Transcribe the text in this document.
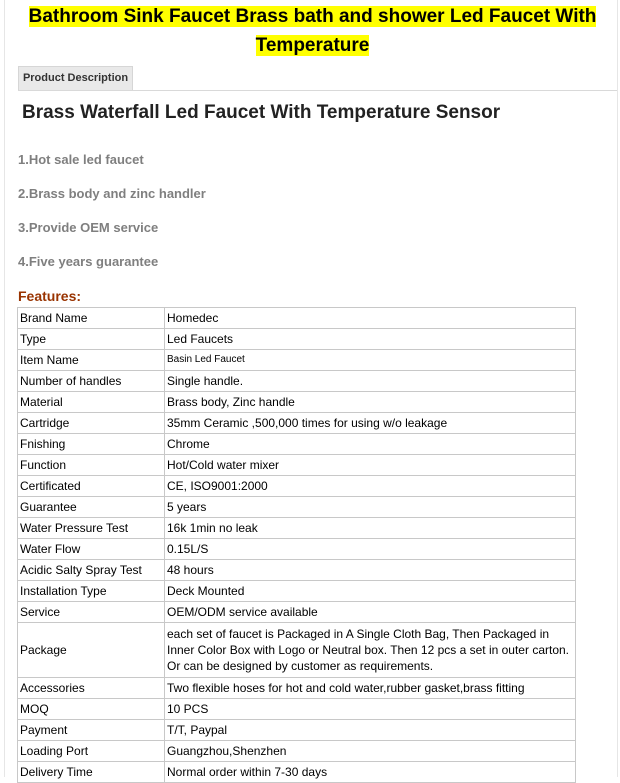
Bathroom Sink Faucet Brass bath and shower Led Faucet With Temperature
Product Description
Brass Waterfall Led Faucet With Temperature Sensor
1.Hot sale led faucet
2.Brass body and zinc handler
3.Provide OEM service
4.Five years guarantee
Features:
Brand Name	Homedec
Type	Led Faucets
Item Name	Basin Led Faucet
Number of handles	Single handle.
Material	Brass body, Zinc handle
Cartridge	35mm Ceramic ,500,000 times for using w/o leakage
Fnishing	Chrome
Function	Hot/Cold water mixer
Certificated	CE, ISO9001:2000
Guarantee	5 years
Water Pressure Test	16k 1min no leak
Water Flow	0.15L/S
Acidic Salty Spray Test	48 hours
Installation Type	Deck Mounted
Service	OEM/ODM service available
Package	each set of faucet is Packaged in A Single Cloth Bag, Then Packaged in Inner Color Box with Logo or Neutral box. Then 12 pcs a set in outer carton. Or can be designed by customer as requirements.
Accessories	Two flexible hoses for hot and cold water,rubber gasket,brass fitting
MOQ	10 PCS
Payment	T/T, Paypal
Loading Port	Guangzhou,Shenzhen
Delivery Time	Normal order within 7-30 days
